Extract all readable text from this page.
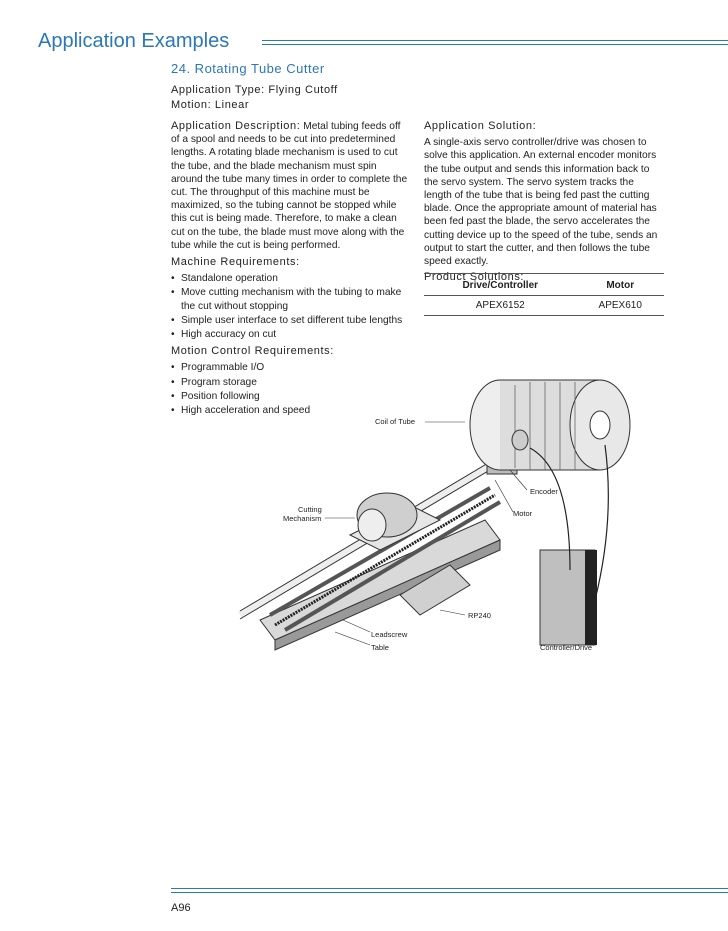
Application Examples
24. Rotating Tube Cutter
Application Type: Flying Cutoff
Motion: Linear
Application Description: Metal tubing feeds off of a spool and needs to be cut into predetermined lengths. A rotating blade mechanism is used to cut the tube, and the blade mechanism must spin around the tube many times in order to complete the cut. The throughput of this machine must be maximized, so the tubing cannot be stopped while this cut is being made. Therefore, to make a clean cut on the tube, the blade must move along with the tube while the cut is being performed.
Machine Requirements:
• Standalone operation
• Move cutting mechanism with the tubing to make the cut without stopping
• Simple user interface to set different tube lengths
• High accuracy on cut
Motion Control Requirements:
• Programmable I/O
• Program storage
• Position following
• High acceleration and speed
Application Solution:
A single-axis servo controller/drive was chosen to solve this application. An external encoder monitors the tube output and sends this information back to the servo system. The servo system tracks the length of the tube that is being fed past the cutting blade. Once the appropriate amount of material has been fed past the blade, the servo accelerates the cutting device up to the speed of the tube, sends an output to start the cutter, and then follows the tube speed exactly.
Product Solutions:
Drive/Controller	Motor
APEX6152	APEX610
Coil of Tube
Encoder
Motor
Cutting
Mechanism
RP240
Leadscrew
Table	Controller/Drive
A96
